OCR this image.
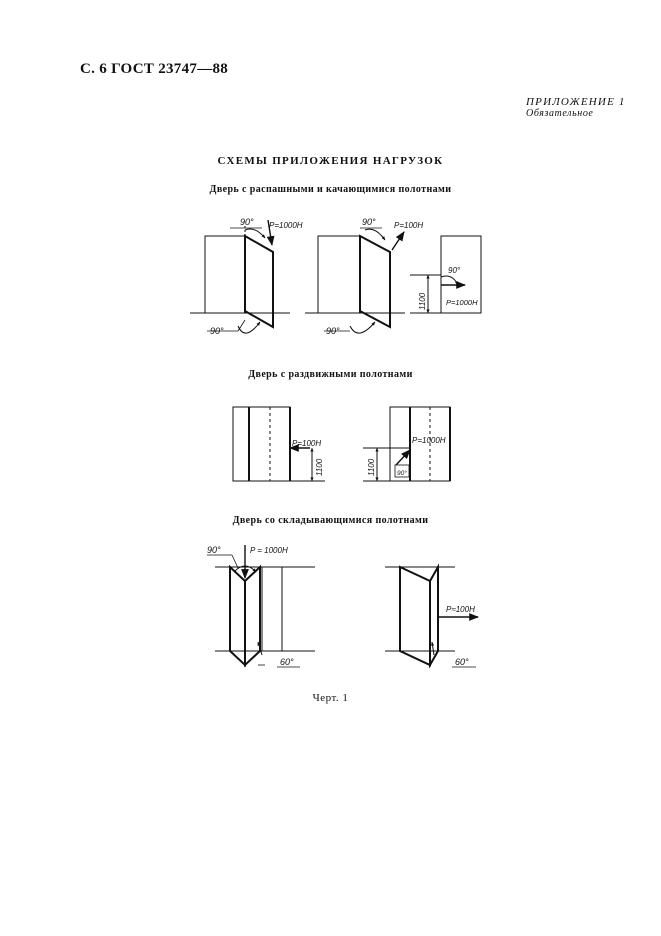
С. 6 ГОСТ 23747—88
ПРИЛОЖЕНИЕ 1
Обязательное
СХЕМЫ ПРИЛОЖЕНИЯ НАГРУЗОК
Дверь с распашными и качающимися полотнами
Дверь с раздвижными полотнами
Дверь со складывающимися полотнами
Черт. 1
90° P=1000H
90°
90° P=100H
90°
90°
P=1000H
1100
P=100H
1100
P=1000H
1100	90°
90°	P = 1000H
60°
P≈100H
60°
